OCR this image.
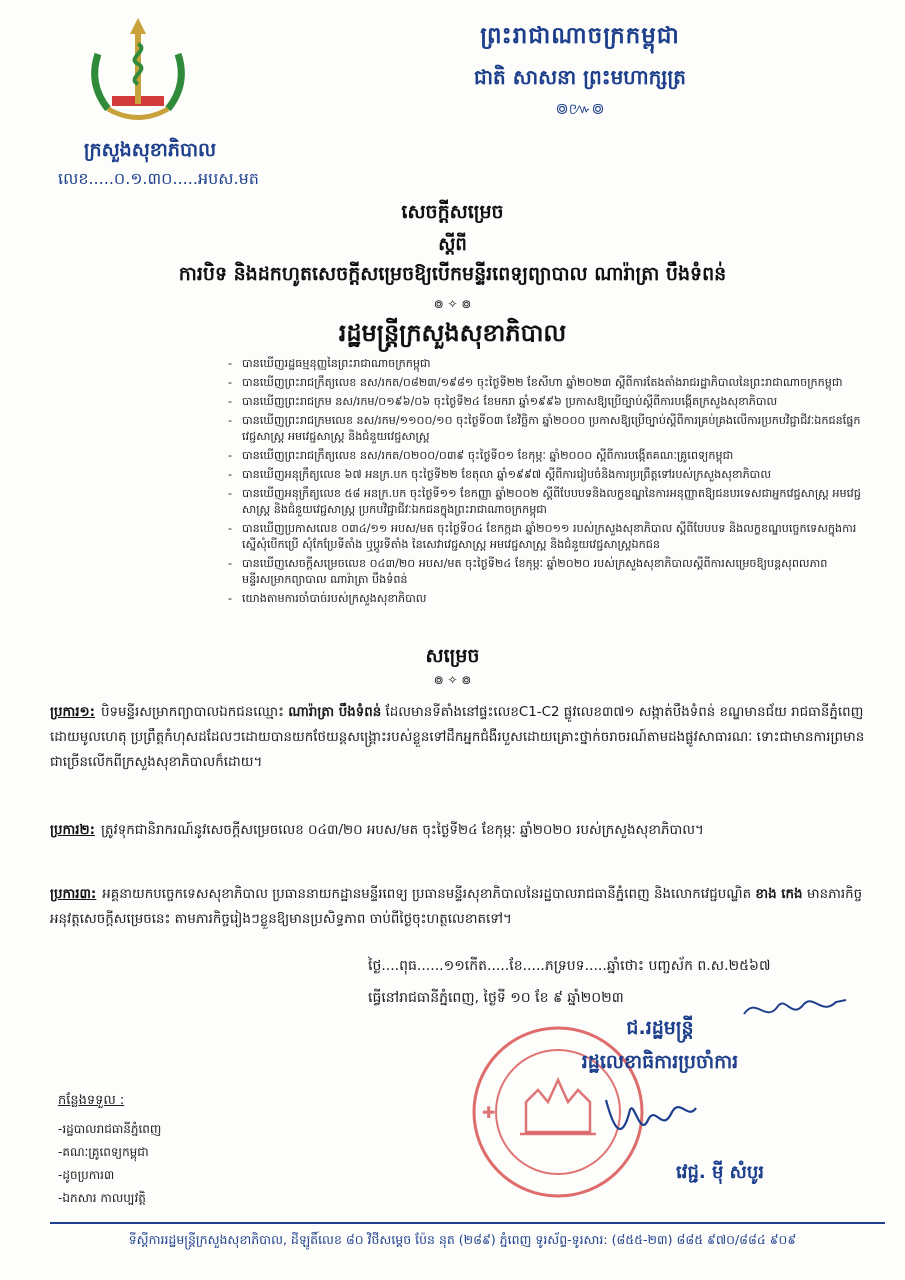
ក្រសួងសុខាភិបាល
លេខ.....០.១.៣០.....អបស.មត
ព្រះរាជាណាចក្រកម្ពុជា
ជាតិ សាសនា ព្រះមហាក្សត្រ
៙៚៙
សេចក្ដីសម្រេច
ស្ដីពី
ការបិទ និងដកហូតសេចក្ដីសម្រេចឱ្យបើកមន្ទីរពេទ្យព្យាបាល ណារ៉ាត្រា បឹងទំពន់
៙ ✧ ៙
រដ្ឋមន្ត្រីក្រសួងសុខាភិបាល
- បានឃើញរដ្ឋធម្មនុញ្ញនៃព្រះរាជាណាចក្រកម្ពុជា
- បានឃើញព្រះរាជក្រឹត្យលេខ នស/រកត/០៨២៣/១៩៨១ ចុះថ្ងៃទី២២ ខែសីហា ឆ្នាំ២០២៣ ស្ដីពីការតែងតាំងរាជរដ្ឋាភិបាលនៃព្រះរាជាណាចក្រកម្ពុជា
- បានឃើញព្រះរាជក្រម នស/រកម/០១៩៦/០៦ ចុះថ្ងៃទី២៤ ខែមករា ឆ្នាំ១៩៩៦ ប្រកាសឱ្យប្រើច្បាប់ស្ដីពីការបង្កើតក្រសួងសុខាភិបាល
- បានឃើញព្រះរាជក្រមលេខ នស/រកម/១១០០/១០ ចុះថ្ងៃទី០៣ ខែវិច្ឆិកា ឆ្នាំ២០០០ ប្រកាសឱ្យប្រើច្បាប់ស្ដីពីការគ្រប់គ្រងលើការប្រកបវិជ្ជាជីវៈឯកជនផ្នែកវេជ្ជសាស្ត្រ អមវេជ្ជសាស្ត្រ និងជំនួយវេជ្ជសាស្ត្រ
- បានឃើញព្រះរាជក្រឹត្យលេខ នស/រកត/០២០០/០៣៩ ចុះថ្ងៃទី០១ ខែកុម្ភៈ ឆ្នាំ២០០០ ស្ដីពីការបង្កើតគណៈគ្រូពេទ្យកម្ពុជា
- បានឃើញអនុក្រឹត្យលេខ ៦៧ អនក្រ.បក ចុះថ្ងៃទី២២ ខែតុលា ឆ្នាំ១៩៩៧ ស្ដីពីការរៀបចំនិងការប្រព្រឹត្តទៅរបស់ក្រសួងសុខាភិបាល
- បានឃើញអនុក្រឹត្យលេខ ៥៨ អនក្រ.បក ចុះថ្ងៃទី១១ ខែកញ្ញា ឆ្នាំ២០០២ ស្ដីពីបែបបទនិងលក្ខខណ្ឌនៃការអនុញ្ញាតឱ្យជនបរទេសជាអ្នកវេជ្ជសាស្ត្រ អមវេជ្ជសាស្ត្រ និងជំនួយវេជ្ជសាស្ត្រ ប្រកបវិជ្ជាជីវៈឯកជនក្នុងព្រះរាជាណាចក្រកម្ពុជា
- បានឃើញប្រកាសលេខ ០៣៤/១១ អបស/មត ចុះថ្ងៃទី០៤ ខែកក្កដា ឆ្នាំ២០១១ របស់ក្រសួងសុខាភិបាល ស្ដីពីបែបបទ និងលក្ខខណ្ឌបច្ចេកទេសក្នុងការស្នើសុំបើកប្រើ សុំកែប្រែទីតាំង ឬប្ដូរទីតាំង នៃសេវាវេជ្ជសាស្ត្រ អមវេជ្ជសាស្ត្រ និងជំនួយវេជ្ជសាស្ត្រឯកជន
- បានឃើញសេចក្ដីសម្រេចលេខ ០៤៣/២០ អបស/មត ចុះថ្ងៃទី២៤ ខែកុម្ភៈ ឆ្នាំ២០២០ របស់ក្រសួងសុខាភិបាលស្ដីពីការសម្រេចឱ្យបន្តសុពលភាពមន្ទីរសម្រាកព្យាបាល ណារ៉ាត្រា បឹងទំពន់
- យោងតាមការចាំបាច់របស់ក្រសួងសុខាភិបាល
សម្រេច
៙ ✧ ៙
ប្រការ១: បិទមន្ទីរសម្រាកព្យាបាលឯកជនឈ្មោះ ណារ៉ាត្រា បឹងទំពន់ ដែលមានទីតាំងនៅផ្ទះលេខC1-C2 ផ្លូវលេខ៣៧១ សង្កាត់បឹងទំពន់ ខណ្ឌមានជ័យ រាជធានីភ្នំពេញ ដោយមូលហេតុ ប្រព្រឹត្តកំហុសដដែលៗដោយបានយកថែយន្តសង្គ្រោះរបស់ខ្លួនទៅដឹកអ្នកជំងឺរបួសដោយគ្រោះថ្នាក់ចរាចរណ៍តាមដងផ្លូវសាធារណៈ ទោះជាមានការព្រមានជាច្រើនលើកពីក្រសួងសុខាភិបាលក៏ដោយ។
ប្រការ២: ត្រូវទុកជានិរាករណ៍នូវសេចក្ដីសម្រេចលេខ ០៤៣/២០ អបស/មត ចុះថ្ងៃទី២៤ ខែកុម្ភៈ ឆ្នាំ២០២០ របស់ក្រសួងសុខាភិបាល។
ប្រការ៣: អគ្គនាយកបច្ចេកទេសសុខាភិបាល ប្រធាននាយកដ្ឋានមន្ទីរពេទ្យ ប្រធានមន្ទីរសុខាភិបាលនៃរដ្ឋបាលរាជធានីភ្នំពេញ និងលោកវេជ្ជបណ្ឌិត ខាង កេង មានភារកិច្ចអនុវត្តសេចក្ដីសម្រេចនេះ តាមភារកិច្ចរៀងៗខ្លួនឱ្យមានប្រសិទ្ធភាព ចាប់ពីថ្ងៃចុះហត្ថលេខាតទៅ។
ថ្ងៃ....ពុធ......១១កើត.....ខែ.....ភទ្របទ.....ឆ្នាំថោះ បញ្ចស័ក ព.ស.២៥៦៧
ធ្វើនៅរាជធានីភ្នំពេញ, ថ្ងៃទី ១០ ខែ ៩ ឆ្នាំ២០២៣
✚
ជ.រដ្ឋមន្ត្រី
រដ្ឋលេខាធិការប្រចាំការ
វេជ្ជ. មុី សំបូរ
កន្លែងទទួល :
-រដ្ឋបាលរាជធានីភ្នំពេញ
-គណៈគ្រូពេទ្យកម្ពុជា
-ដូចប្រការ៣
-ឯកសារ កាលប្បវត្តិ
ទីស្ដីការរដ្ឋមន្ត្រីក្រសួងសុខាភិបាល, ដីឡូតិ៍លេខ ៨០ វិថីសម្ដេច ប៉ែន នុត (២៨៩) ភ្នំពេញ ទូរស័ព្ទ-ទូរសារ: (៨៥៥-២៣) ៨៨៥ ៩៧០/៨៨៤ ៩០៩
